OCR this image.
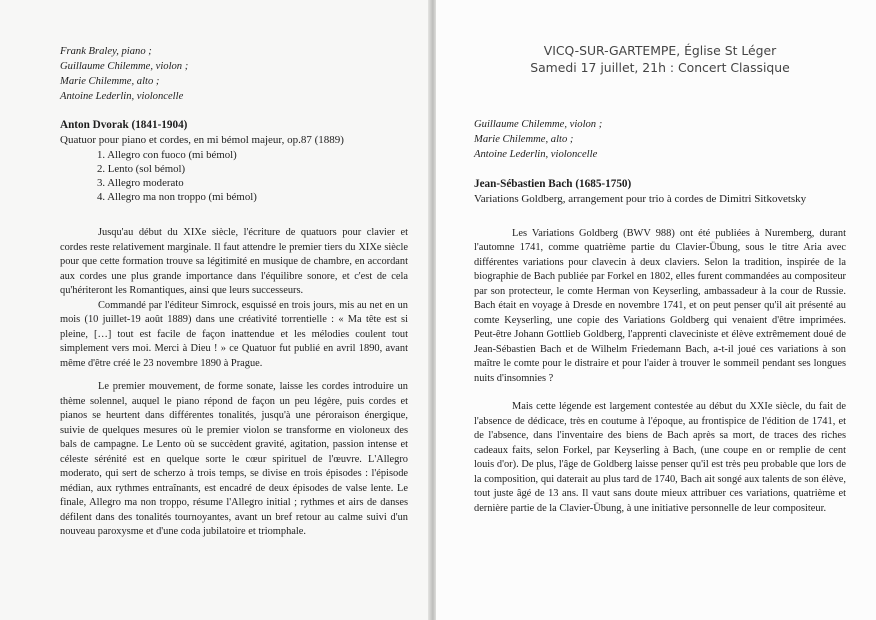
Frank Braley, piano ;

Guillaume Chilemme, violon ;

Marie Chilemme, alto ;

Antoine Lederlin, violoncelle

Anton Dvorak (1841-1904)

Quatuor pour piano et cordes, en mi bémol majeur, op.87 (1889)

1. Allegro con fuoco (mi bémol)
2. Lento (sol bémol)
3. Allegro moderato
4. Allegro ma non troppo (mi bémol)

Jusqu'au début du XIXe siècle, l'écriture de quatuors pour clavier et cordes reste relativement marginale. Il faut attendre le premier tiers du XIXe siècle pour que cette formation trouve sa légitimité en musique de chambre, en accordant aux cordes une plus grande importance dans l'équilibre sonore, et c'est de cela qu'hériteront les Romantiques, ainsi que leurs successeurs.

Commandé par l'éditeur Simrock, esquissé en trois jours, mis au net en un mois (10 juillet-19 août 1889) dans une créativité torrentielle : « Ma tête est si pleine, […] tout est facile de façon inattendue et les mélodies coulent tout simplement vers moi. Merci à Dieu ! » ce Quatuor fut publié en avril 1890, avant même d'être créé le 23 novembre 1890 à Prague.

Le premier mouvement, de forme sonate, laisse les cordes introduire un thème solennel, auquel le piano répond de façon un peu légère, puis cordes et pianos se heurtent dans différentes tonalités, jusqu'à une péroraison énergique, suivie de quelques mesures où le premier violon se transforme en violoneux des bals de campagne. Le Lento où se succèdent gravité, agitation, passion intense et céleste sérénité est en quelque sorte le cœur spirituel de l'œuvre. L'Allegro moderato, qui sert de scherzo à trois temps, se divise en trois épisodes : l'épisode médian, aux rythmes entraînants, est encadré de deux épisodes de valse lente. Le finale, Allegro ma non troppo, résume l'Allegro initial ; rythmes et airs de danses défilent dans des tonalités tournoyantes, avant un bref retour au calme suivi d'un nouveau paroxysme et d'une coda jubilatoire et triomphale.

VICQ-SUR-GARTEMPE, Église St Léger
Samedi 17 juillet, 21h : Concert Classique

Guillaume Chilemme, violon ;

Marie Chilemme, alto ;

Antoine Lederlin, violoncelle

Jean-Sébastien Bach (1685-1750)

Variations Goldberg, arrangement pour trio à cordes de Dimitri Sitkovetsky

Les Variations Goldberg (BWV 988) ont été publiées à Nuremberg, durant l'automne 1741, comme quatrième partie du Clavier-Übung, sous le titre Aria avec différentes variations pour clavecin à deux claviers. Selon la tradition, inspirée de la biographie de Bach publiée par Forkel en 1802, elles furent commandées au compositeur par son protecteur, le comte Herman von Keyserling, ambassadeur à la cour de Russie. Bach était en voyage à Dresde en novembre 1741, et on peut penser qu'il ait présenté au comte Keyserling, une copie des Variations Goldberg qui venaient d'être imprimées. Peut-être Johann Gottlieb Goldberg, l'apprenti claveciniste et élève extrêmement doué de Jean-Sébastien Bach et de Wilhelm Friedemann Bach, a-t-il joué ces variations à son maître le comte pour le distraire et pour l'aider à trouver le sommeil pendant ses longues nuits d'insomnies ?

Mais cette légende est largement contestée au début du XXIe siècle, du fait de l'absence de dédicace, très en coutume à l'époque, au frontispice de l'édition de 1741, et de l'absence, dans l'inventaire des biens de Bach après sa mort, de traces des riches cadeaux faits, selon Forkel, par Keyserling à Bach, (une coupe en or remplie de cent louis d'or). De plus, l'âge de Goldberg laisse penser qu'il est très peu probable que lors de la composition, qui daterait au plus tard de 1740, Bach ait songé aux talents de son élève, tout juste âgé de 13 ans. Il vaut sans doute mieux attribuer ces variations, quatrième et dernière partie de la Clavier-Übung, à une initiative personnelle de leur compositeur.
